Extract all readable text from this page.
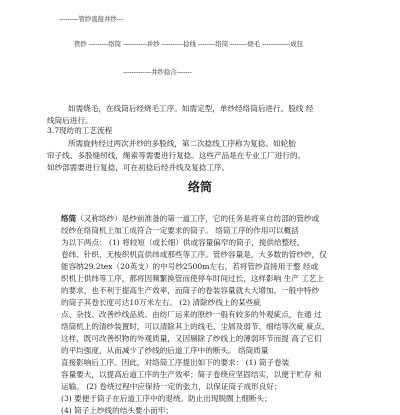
---------管纱直接并纱---
管纱 ---------络筒 -----------并纱 ----------捻线 --------络筒 --------烧毛 -------------成包
-------------并纱捻合-------
如需烧毛，在线筒后经烧毛工序。如需定型，单纱经络筒后进行。股线 经
线筒后进行。
3.7现纺的工艺流程
所需旋转经过两次并纱的多股线，第二次捻线工序称为复捻。如轮胎
帘子线、多股缝纫线，绳索等需要进行复捻。这些产品是在专业工厂进行的。
如纱部需要进行复捻，可在初捻后经并线及复捻工序。
络筒
络筒（又称络纱）是纱前准备的第一道工序，它的任务是将来自纺部的管纱或
绞纱在络筒机上加工成符合一定要求的筒子。 络筒工序的作用可以概括
为以下两点： (1) 将较短（或长细）供或容量偏窄的筒子，搅供给整经、
卷纬、针织、无梭织机直供纬或那些等工序。管纱容量是，大多数的管纱纱，仅
能容纳29.2tex（20英支）的中号纱2500m左右，若将管纱直接用于整 经或
织机上供纬等工序，都将因频繁换管而使停车时间过长，这样影响 生产 工艺上
的要求，也不利于提高生产效率，而筒子的卷装容量就大大增加。一般中特纱
的筒子其卷长度可达10万米左右。 (2) 清除纱线上的某些疵
点、杂技、改善纱线品质。由纺厂运来的原纱一般有较多的外观疵点，在通 过
络筒机上的清纱装置时，可以清除其上的线毛，尘屑及弱节、细结等次疵 疵点。
这样，既可改善织物的外观质量，又因剔除了纱线上的薄弱环节而提 高了它们
的平均强度，从而减少了纱线的后道工序中的断头。 络筒质量
直接影响后工序。因此，对络筒工序提出如下的要求： (1) 筒子卷装
容量要大，以提高后道工序的生产效率；简子卷绕应坚固结实，以便于贮存 和
运输。 (2) 卷绕过程中应保持一定的张力，以保证筒子成形良好；
(3) 要便于筒子在后道工序中的退绕。防止出现脱圈上细断头；
(4) 简子上纱线的结头要小而牢；
